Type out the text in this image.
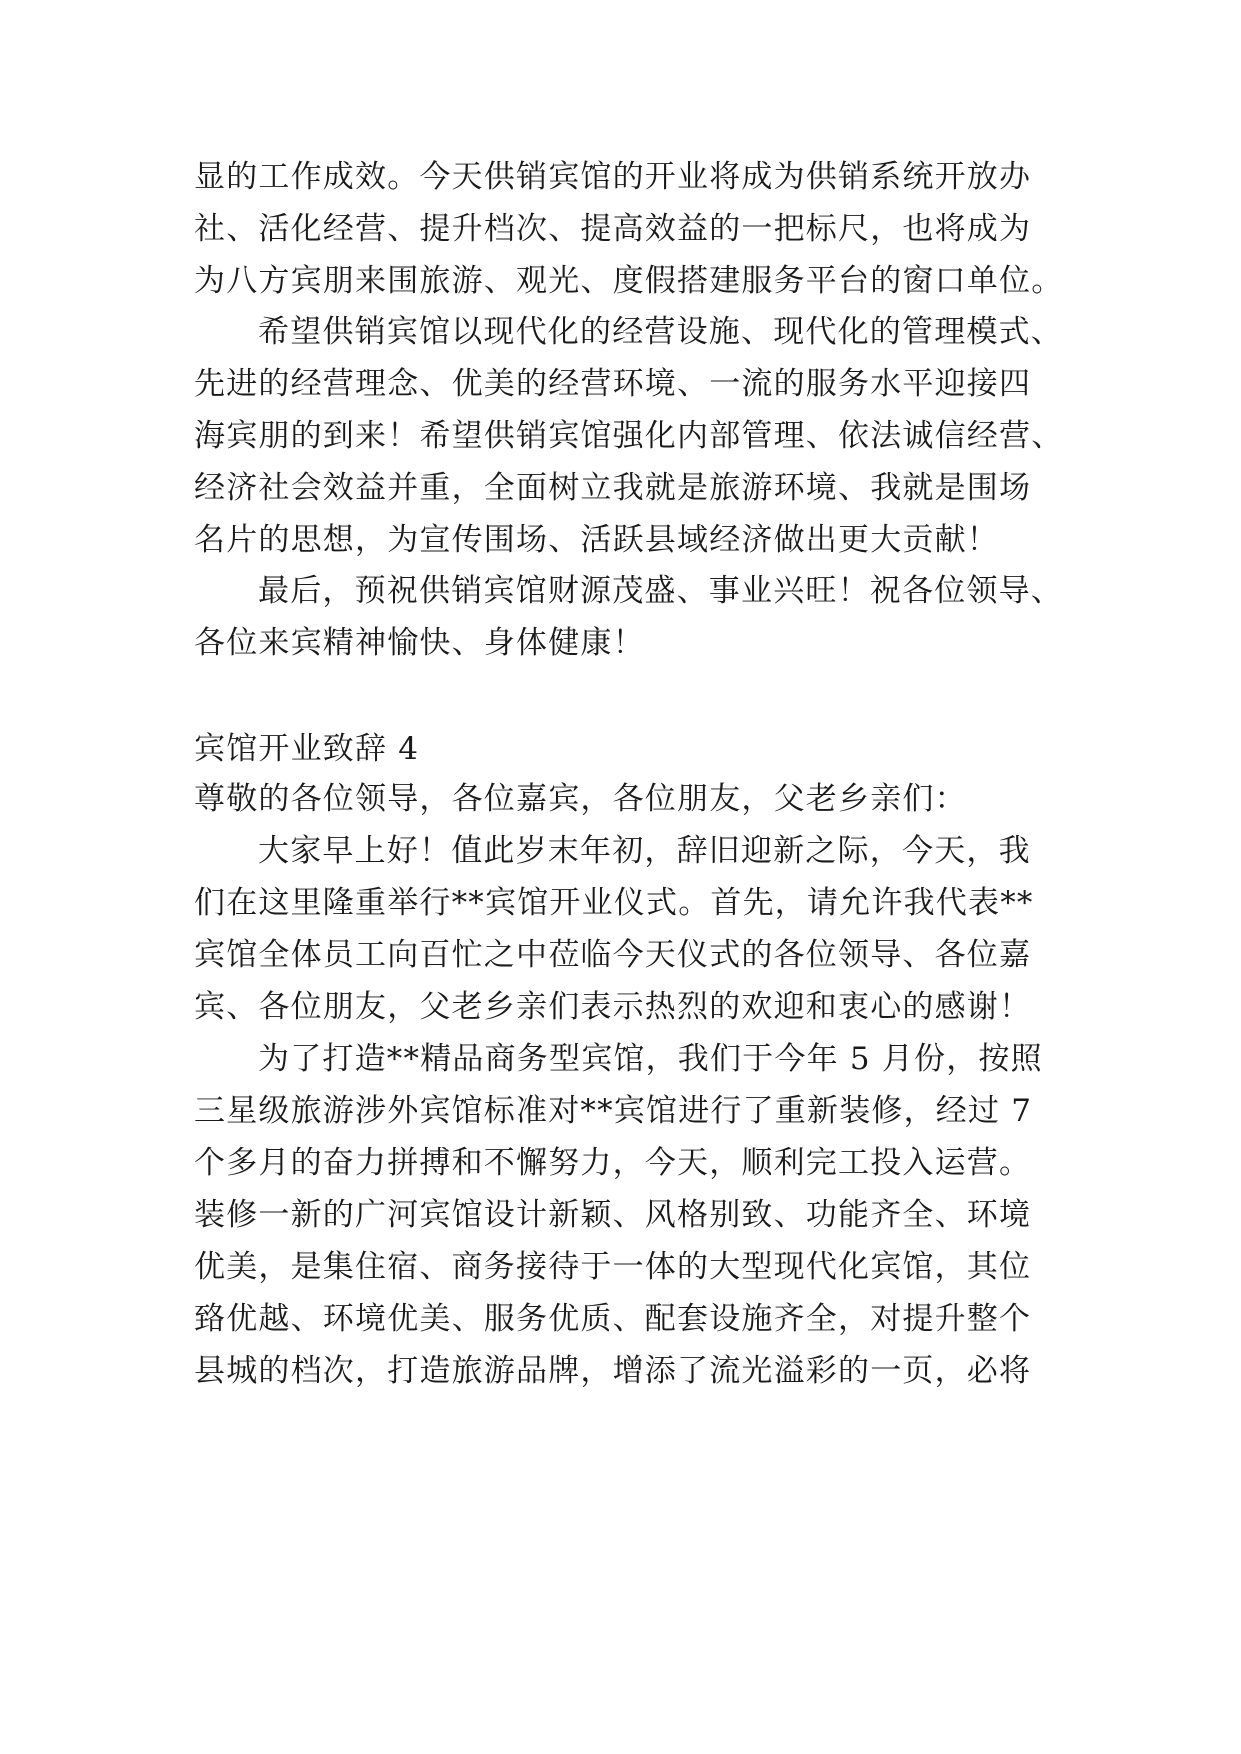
显的工作成效。今天供销宾馆的开业将成为供销系统开放办
社、活化经营、提升档次、提高效益的一把标尺，也将成为
为八方宾朋来围旅游、观光、度假搭建服务平台的窗口单位。
希望供销宾馆以现代化的经营设施、现代化的管理模式、
先进的经营理念、优美的经营环境、一流的服务水平迎接四
海宾朋的到来！希望供销宾馆强化内部管理、依法诚信经营、
经济社会效益并重，全面树立我就是旅游环境、我就是围场
名片的思想，为宣传围场、活跃县域经济做出更大贡献！
最后，预祝供销宾馆财源茂盛、事业兴旺！祝各位领导、
各位来宾精神愉快、身体健康！
宾馆开业致辞 4
尊敬的各位领导，各位嘉宾，各位朋友，父老乡亲们：
大家早上好！值此岁末年初，辞旧迎新之际，今天，我
们在这里隆重举行**宾馆开业仪式。首先，请允许我代表**
宾馆全体员工向百忙之中莅临今天仪式的各位领导、各位嘉
宾、各位朋友，父老乡亲们表示热烈的欢迎和衷心的感谢！
为了打造**精品商务型宾馆，我们于今年 5 月份，按照
三星级旅游涉外宾馆标准对**宾馆进行了重新装修，经过 7
个多月的奋力拼搏和不懈努力，今天，顺利完工投入运营。
装修一新的广河宾馆设计新颖、风格别致、功能齐全、环境
优美，是集住宿、商务接待于一体的大型现代化宾馆，其位
臵优越、环境优美、服务优质、配套设施齐全，对提升整个
县城的档次，打造旅游品牌，增添了流光溢彩的一页，必将
